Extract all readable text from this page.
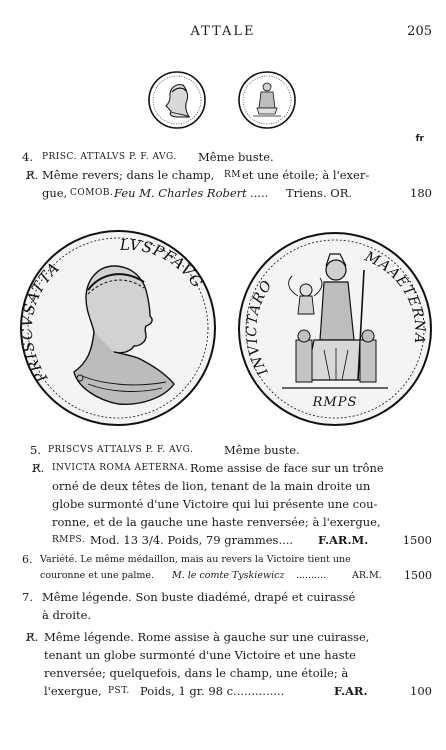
ATTALE	205
fr
4. PRISC. ATTALVS P. F. AVG. Même buste.
R̸. Même revers; dans le champ, RM et une étoile; à l'exer-
gue, COMOB. Feu M. Charles Robert ..... Triens. OR.	180
PRISCVSATTA
LVSPFAVG
INVICTARO
MAAETERNA
RMPS
5. PRISCVS ATTALVS P. F. AVG.	Même buste.
R̸. INVICTA ROMA AETERNA. Rome assise de face sur un trône
orné de deux têtes de lion, tenant de la main droite un
globe surmonté d'une Victoire qui lui présente une cou-
ronne, et de la gauche une haste renversée; à l'exergue,
RMPS. Mod. 13 3/4. Poids, 79 grammes.... F.AR.M.	1500
6. Variété. Le même médaillon, mais au revers la Victoire tient une
couronne et une palme. M. le comte Tyskiewicz ..........	AR.M. 1500
7. Même légende. Son buste diadémé, drapé et cuirassé
à droite.
R̸. Même légende. Rome assise à gauche sur une cuirasse,
tenant un globe surmonté d'une Victoire et une haste
renversée; quelquefois, dans le champ, une étoile; à
l'exergue, PST. Poids, 1 gr. 98 c..............	F.AR.	100
